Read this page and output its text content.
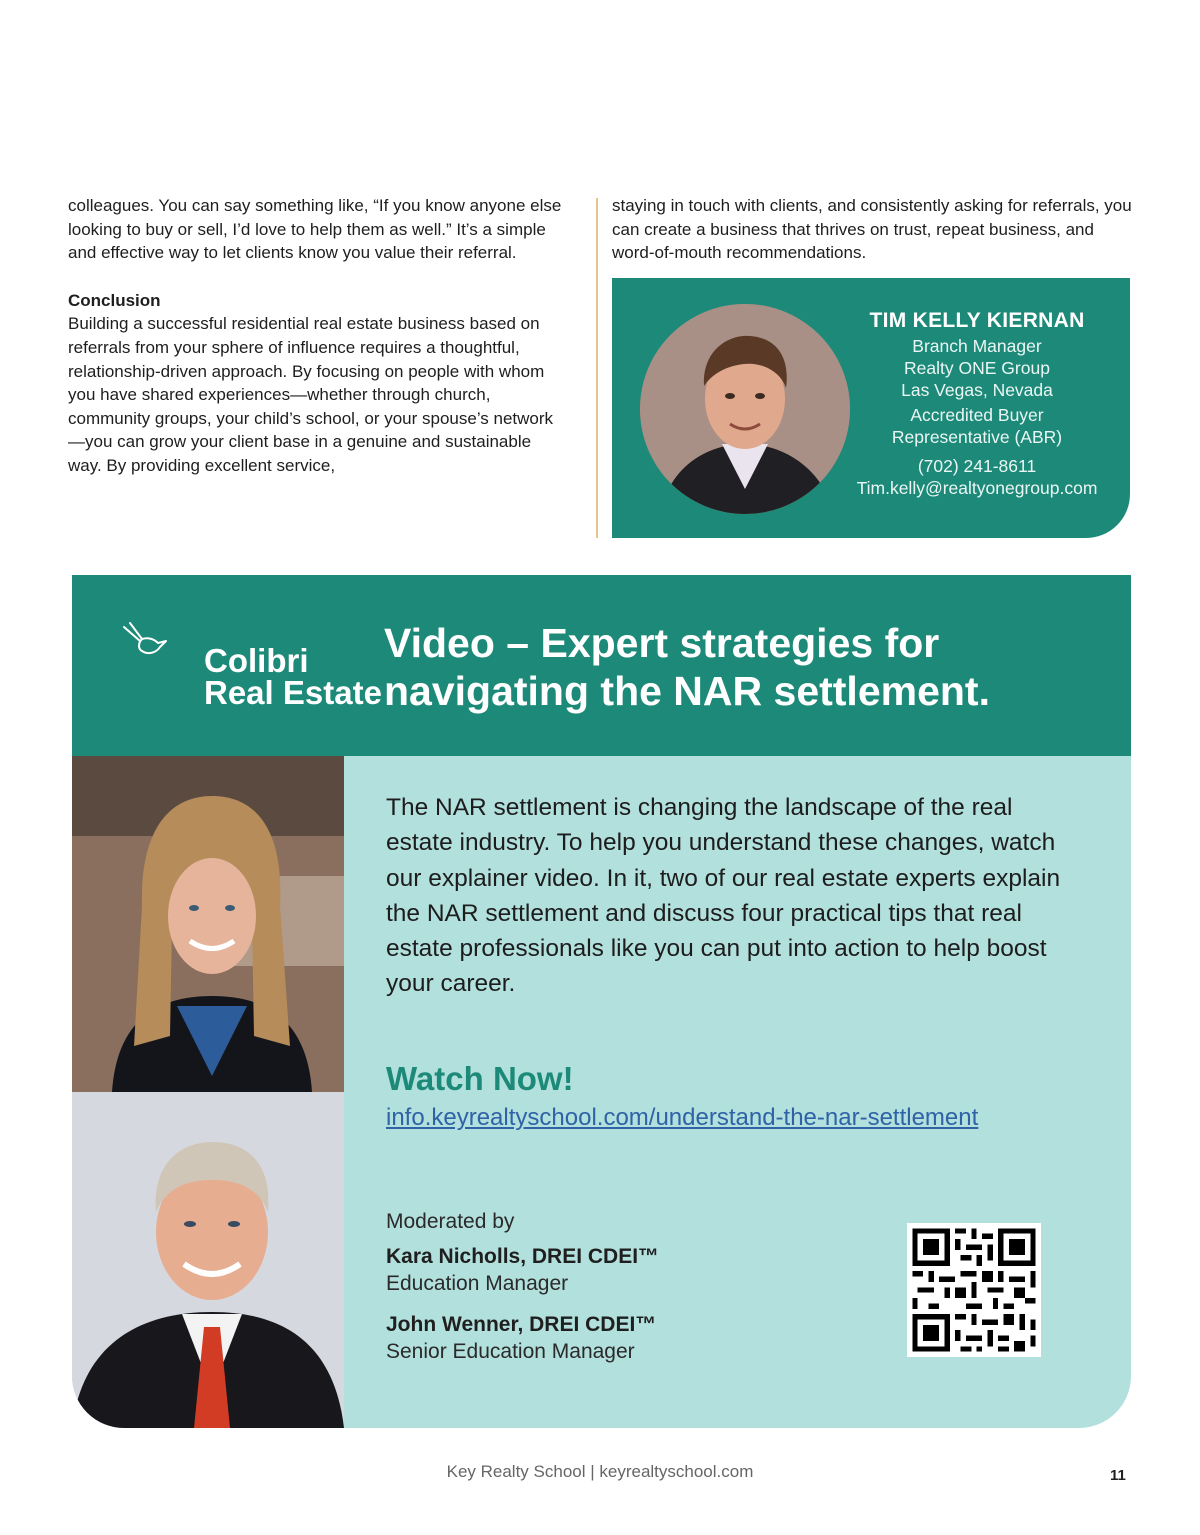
colleagues. You can say something like, “If you know anyone else looking to buy or sell, I’d love to help them as well.” It’s a simple and effective way to let clients know you value their referral.

Conclusion

Building a successful residential real estate business based on referrals from your sphere of influence requires a thoughtful, relationship-driven approach. By focusing on people with whom you have shared experiences—whether through church, community groups, your child’s school, or your spouse’s network—you can grow your client base in a genuine and sustainable way. By providing excellent service,

staying in touch with clients, and consistently asking for referrals, you can create a business that thrives on trust, repeat business, and word-of-mouth recommendations.

TIM KELLY KIERNAN
Branch Manager
Realty ONE Group
Las Vegas, Nevada
Accredited Buyer
Representative (ABR)
(702) 241-8611
Tim.kelly@realtyonegroup.com
Colibri
Real Estate
Video – Expert strategies for navigating the NAR settlement.
The NAR settlement is changing the landscape of the real estate industry. To help you understand these changes, watch our explainer video. In it, two of our real estate experts explain the NAR settlement and discuss four practical tips that real estate professionals like you can put into action to help boost your career.
Watch Now!
info.keyrealtyschool.com/understand-the-nar-settlement
Moderated by
Kara Nicholls, DREI CDEI™
Education Manager
John Wenner, DREI CDEI™
Senior Education Manager
Key Realty School | keyrealtyschool.com	11
